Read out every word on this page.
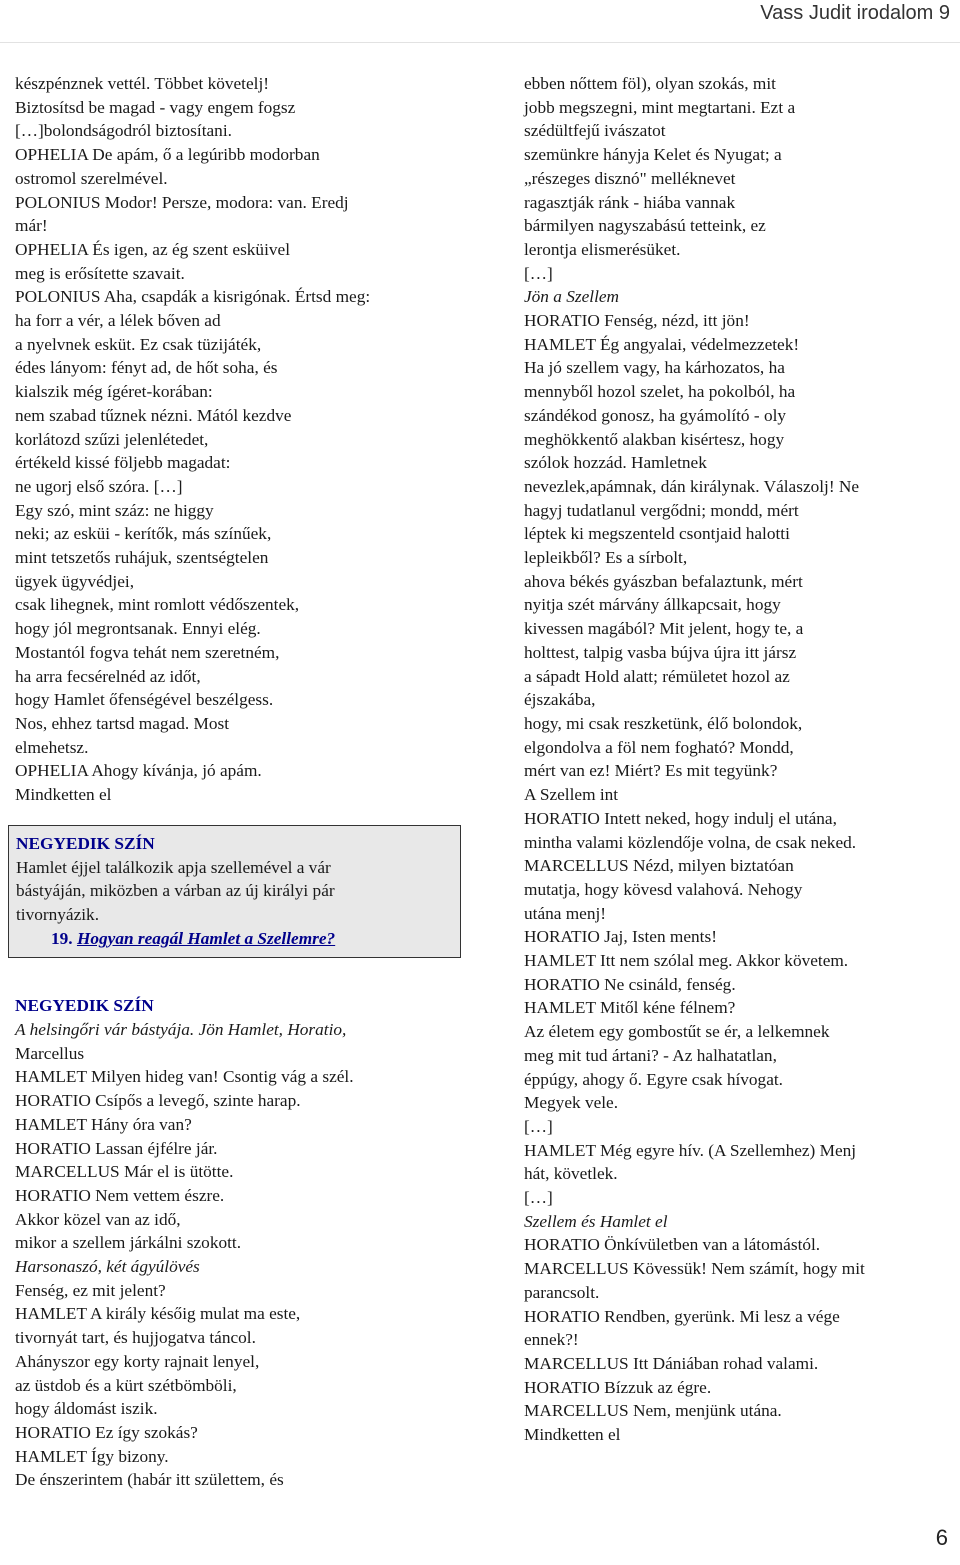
Vass Judit irodalom 9
készpénznek vettél. Többet követelj!
Biztosítsd be magad - vagy engem fogsz
[…]bolondságodról biztosítani.
OPHELIA De apám, ő a legúribb modorban
ostromol szerelmével.
POLONIUS Modor! Persze, modora: van. Eredj
már!
OPHELIA És igen, az ég szent esküivel
meg is erősítette szavait.
POLONIUS Aha, csapdák a kisrigónak. Értsd meg:
ha forr a vér, a lélek bőven ad
a nyelvnek esküt. Ez csak tüzijáték,
édes lányom: fényt ad, de hőt soha, és
kialszik még ígéret-korában:
nem szabad tűznek nézni. Mától kezdve
korlátozd szűzi jelenlétedet,
értékeld kissé följebb magadat:
ne ugorj első szóra. […]
Egy szó, mint száz: ne higgy
neki; az esküi - kerítők, más színűek,
mint tetszetős ruhájuk, szentségtelen
ügyek ügyvédjei,
csak lihegnek, mint romlott védőszentek,
hogy jól megrontsanak. Ennyi elég.
Mostantól fogva tehát nem szeretném,
ha arra fecsérelnéd az időt,
hogy Hamlet őfenségével beszélgess.
Nos, ehhez tartsd magad. Most
elmehetsz.
OPHELIA Ahogy kívánja, jó apám.
Mindketten el
NEGYEDIK SZÍN
Hamlet éjjel találkozik apja szellemével a vár
bástyáján, miközben a várban az új királyi pár
tivornyázik.
19. Hogyan reagál Hamlet a Szellemre?
NEGYEDIK SZÍN
A helsingőri vár bástyája. Jön Hamlet, Horatio,
Marcellus
HAMLET Milyen hideg van! Csontig vág a szél.
HORATIO Csípős a levegő, szinte harap.
HAMLET Hány óra van?
HORATIO Lassan éjfélre jár.
MARCELLUS Már el is ütötte.
HORATIO Nem vettem észre.
Akkor közel van az idő,
mikor a szellem járkálni szokott.
Harsonaszó, két ágyúlövés
Fenség, ez mit jelent?
HAMLET A király későig mulat ma este,
tivornyát tart, és hujjogatva táncol.
Ahányszor egy korty rajnait lenyel,
az üstdob és a kürt szétbömböli,
hogy áldomást iszik.
HORATIO Ez így szokás?
HAMLET Így bizony.
De énszerintem (habár itt születtem, és
ebben nőttem föl), olyan szokás, mit
jobb megszegni, mint megtartani. Ezt a
szédültfejű ivászatot
szemünkre hányja Kelet és Nyugat; a
„részeges disznó" melléknevet
ragasztják ránk - hiába vannak
bármilyen nagyszabású tetteink, ez
lerontja elismerésüket.
[…]
Jön a Szellem
HORATIO Fenség, nézd, itt jön!
HAMLET Ég angyalai, védelmezzetek!
Ha jó szellem vagy, ha kárhozatos, ha
mennyből hozol szelet, ha pokolból, ha
szándékod gonosz, ha gyámolító - oly
meghökkentő alakban kisértesz, hogy
szólok hozzád. Hamletnek
nevezlek,apámnak, dán királynak. Válaszolj! Ne
hagyj tudatlanul vergődni; mondd, mért
léptek ki megszenteld csontjaid halotti
lepleikből? Es a sírbolt,
ahova békés gyászban befalaztunk, mért
nyitja szét márvány állkapcsait, hogy
kivessen magából? Mit jelent, hogy te, a
holttest, talpig vasba bújva újra itt jársz
a sápadt Hold alatt; rémületet hozol az
éjszakába,
hogy, mi csak reszketünk, élő bolondok,
elgondolva a föl nem fogható? Mondd,
mért van ez! Miért? Es mit tegyünk?
A Szellem int
HORATIO Intett neked, hogy indulj el utána,
mintha valami közlendője volna, de csak neked.
MARCELLUS Nézd, milyen biztatóan
mutatja, hogy kövesd valahová. Nehogy
utána menj!
HORATIO Jaj, Isten ments!
HAMLET Itt nem szólal meg. Akkor követem.
HORATIO Ne csináld, fenség.
HAMLET Mitől kéne félnem?
Az életem egy gombostűt se ér, a lelkemnek
meg mit tud ártani? - Az halhatatlan,
éppúgy, ahogy ő. Egyre csak hívogat.
Megyek vele.
[…]
HAMLET Még egyre hív. (A Szellemhez) Menj
hát, követlek.
[…]
Szellem és Hamlet el
HORATIO Önkívületben van a látomástól.
MARCELLUS Kövessük! Nem számít, hogy mit
parancsolt.
HORATIO Rendben, gyerünk. Mi lesz a vége
ennek?!
MARCELLUS Itt Dániában rohad valami.
HORATIO Bízzuk az égre.
MARCELLUS Nem, menjünk utána.
Mindketten el
6
